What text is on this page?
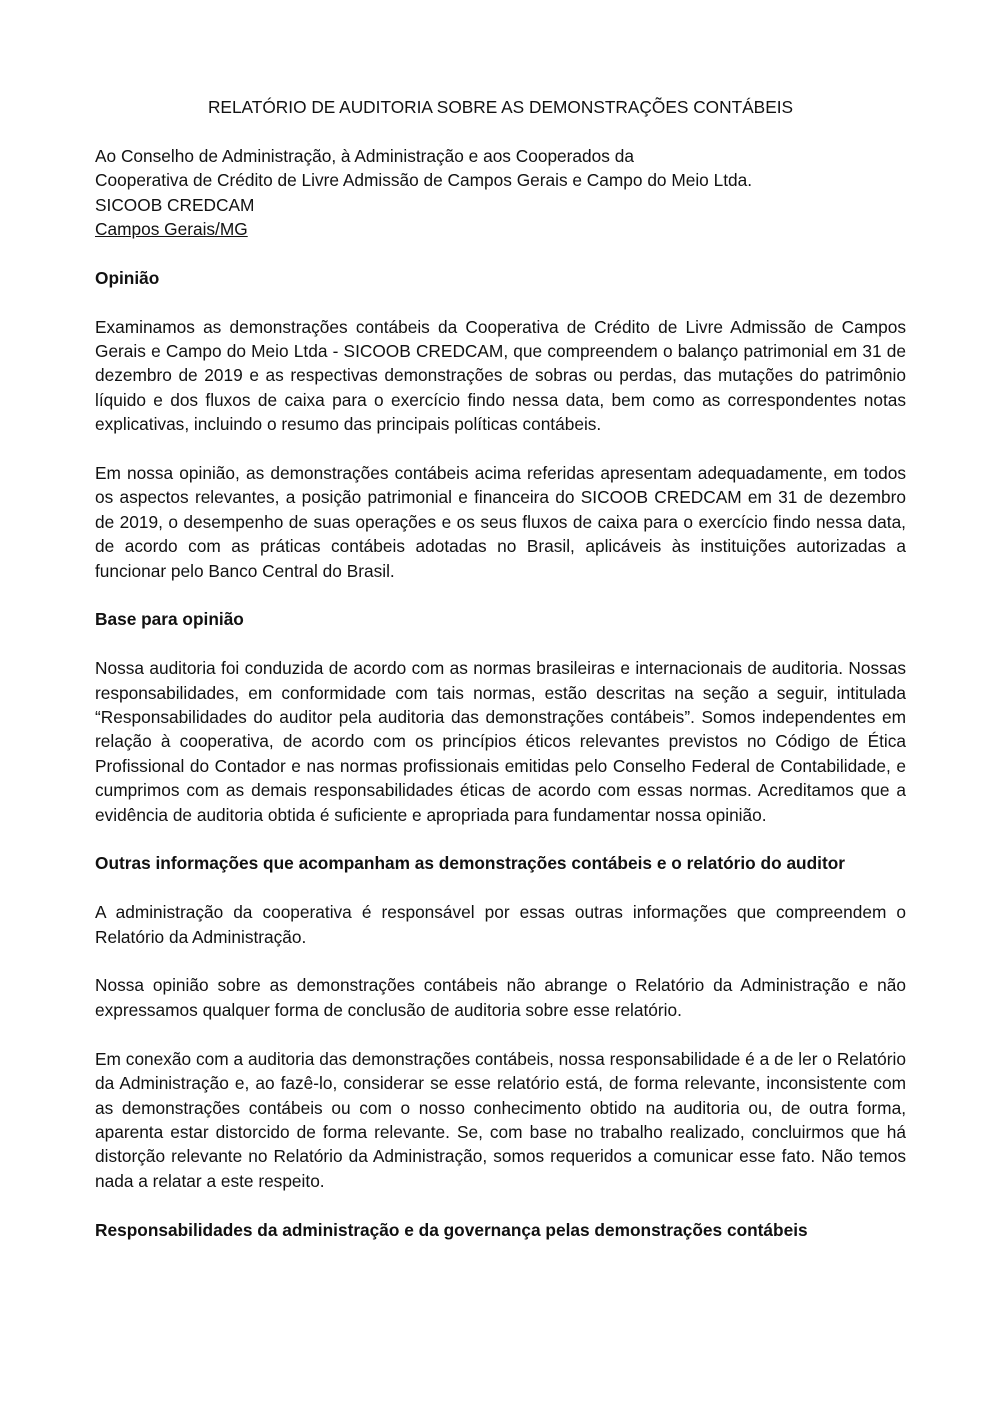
RELATÓRIO DE AUDITORIA SOBRE AS DEMONSTRAÇÕES CONTÁBEIS
Ao Conselho de Administração, à Administração e aos Cooperados da
Cooperativa de Crédito de Livre Admissão de Campos Gerais e Campo do Meio Ltda.
SICOOB CREDCAM
Campos Gerais/MG
Opinião

Examinamos as demonstrações contábeis da Cooperativa de Crédito de Livre Admissão de Campos Gerais e Campo do Meio Ltda - SICOOB CREDCAM, que compreendem o balanço patrimonial em 31 de dezembro de 2019 e as respectivas demonstrações de sobras ou perdas, das mutações do patrimônio líquido e dos fluxos de caixa para o exercício findo nessa data, bem como as correspondentes notas explicativas, incluindo o resumo das principais políticas contábeis.

Em nossa opinião, as demonstrações contábeis acima referidas apresentam adequadamente, em todos os aspectos relevantes, a posição patrimonial e financeira do SICOOB CREDCAM em 31 de dezembro de 2019, o desempenho de suas operações e os seus fluxos de caixa para o exercício findo nessa data, de acordo com as práticas contábeis adotadas no Brasil, aplicáveis às instituições autorizadas a funcionar pelo Banco Central do Brasil.

Base para opinião

Nossa auditoria foi conduzida de acordo com as normas brasileiras e internacionais de auditoria. Nossas responsabilidades, em conformidade com tais normas, estão descritas na seção a seguir, intitulada “Responsabilidades do auditor pela auditoria das demonstrações contábeis”. Somos independentes em relação à cooperativa, de acordo com os princípios éticos relevantes previstos no Código de Ética Profissional do Contador e nas normas profissionais emitidas pelo Conselho Federal de Contabilidade, e cumprimos com as demais responsabilidades éticas de acordo com essas normas. Acreditamos que a evidência de auditoria obtida é suficiente e apropriada para fundamentar nossa opinião.

Outras informações que acompanham as demonstrações contábeis e o relatório do auditor

A administração da cooperativa é responsável por essas outras informações que compreendem o Relatório da Administração.

Nossa opinião sobre as demonstrações contábeis não abrange o Relatório da Administração e não expressamos qualquer forma de conclusão de auditoria sobre esse relatório.

Em conexão com a auditoria das demonstrações contábeis, nossa responsabilidade é a de ler o Relatório da Administração e, ao fazê-lo, considerar se esse relatório está, de forma relevante, inconsistente com as demonstrações contábeis ou com o nosso conhecimento obtido na auditoria ou, de outra forma, aparenta estar distorcido de forma relevante. Se, com base no trabalho realizado, concluirmos que há distorção relevante no Relatório da Administração, somos requeridos a comunicar esse fato. Não temos nada a relatar a este respeito.

Responsabilidades da administração e da governança pelas demonstrações contábeis
